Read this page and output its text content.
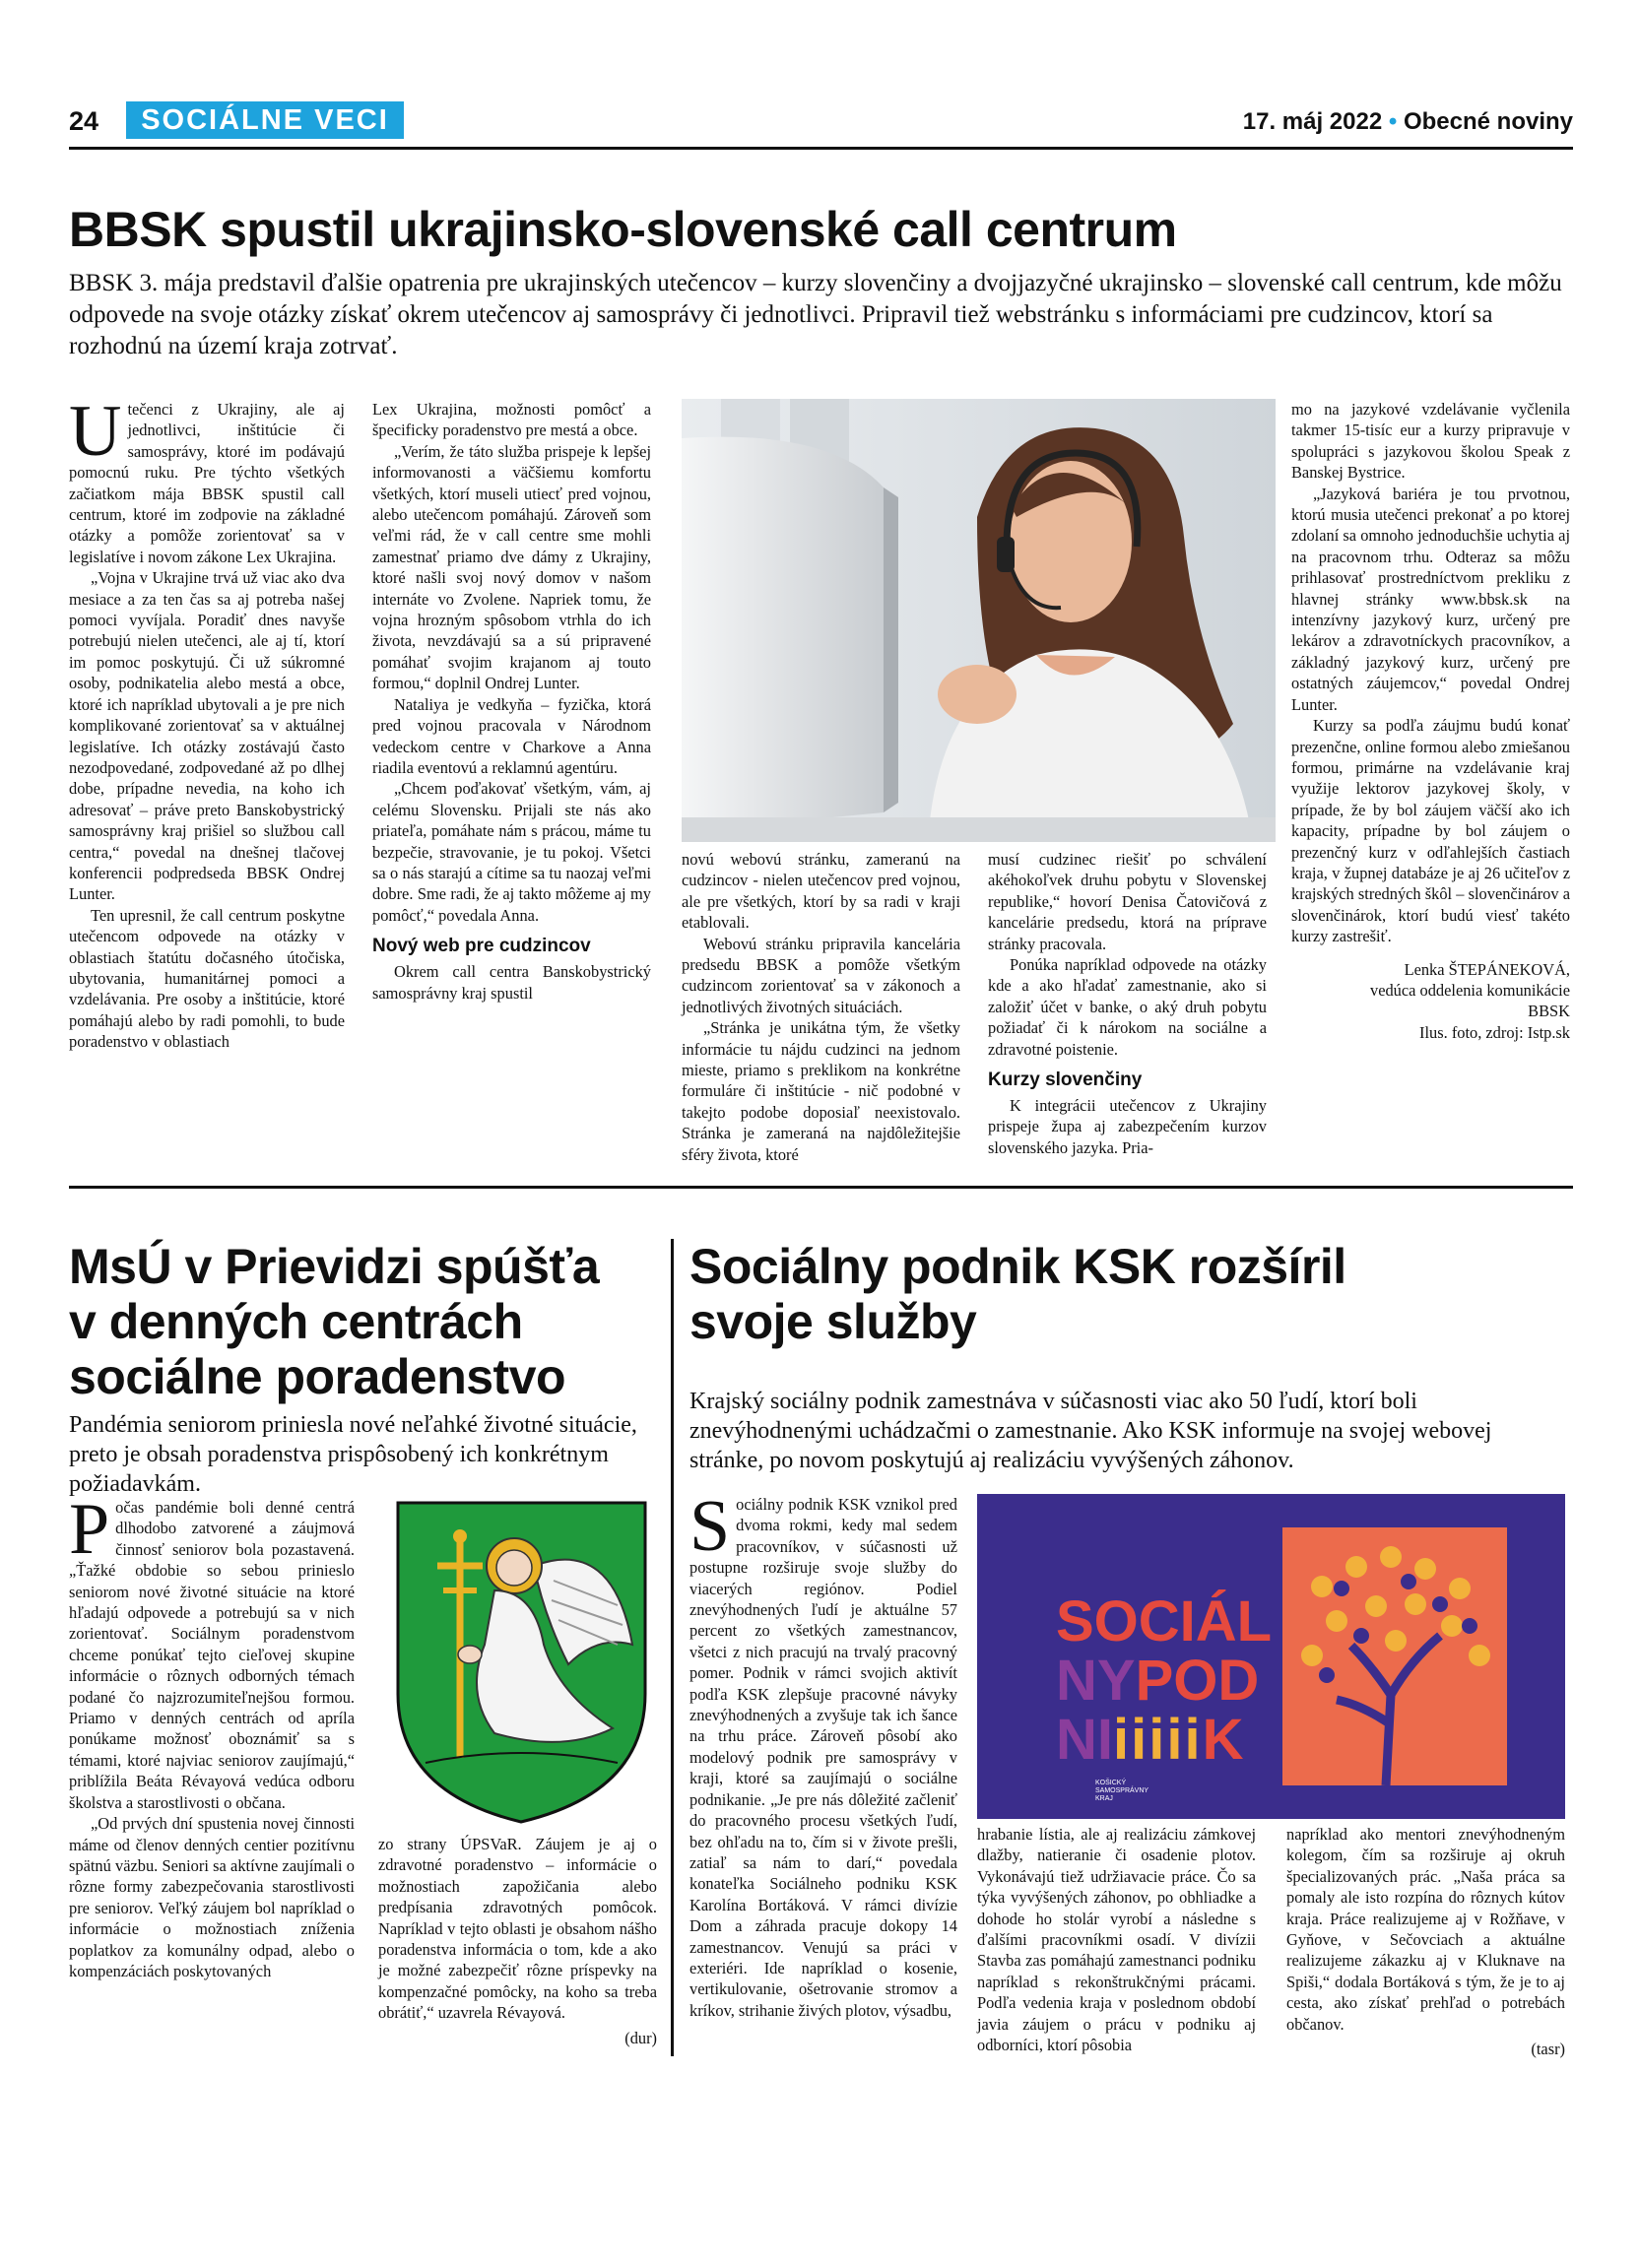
24	SOCIÁLNE VECI	17. máj 2022 • Obecné noviny
BBSK spustil ukrajinsko-slovenské call centrum
BBSK 3. mája predstavil ďalšie opatrenia pre ukrajinských utečencov – kurzy slovenčiny a dvojjazyčné ukrajinsko – slovenské call centrum, kde môžu odpovede na svoje otázky získať okrem utečencov aj samosprávy či jednotlivci. Pripravil tiež webstránku s informáciami pre cudzincov, ktorí sa rozhodnú na území kraja zotrvať.

Utečenci z Ukrajiny, ale aj jednotlivci, inštitúcie či samosprávy, ktoré im podávajú pomocnú ruku. Pre týchto všetkých začiatkom mája BBSK spustil call centrum, ktoré im zodpovie na základné otázky a pomôže zorientovať sa v legislatíve i novom zákone Lex Ukrajina.

„Vojna v Ukrajine trvá už viac ako dva mesiace a za ten čas sa aj potreba našej pomoci vyvíjala. Poradiť dnes navyše potrebujú nielen utečenci, ale aj tí, ktorí im pomoc poskytujú. Či už súkromné osoby, podnikatelia alebo mestá a obce, ktoré ich napríklad ubytovali a je pre nich komplikované zorientovať sa v aktuálnej legislatíve. Ich otázky zostávajú často nezodpovedané, zodpovedané až po dlhej dobe, prípadne nevedia, na koho ich adresovať – práve preto Banskobystrický samosprávny kraj prišiel so službou call centra,“ povedal na dnešnej tlačovej konferencii podpredseda BBSK Ondrej Lunter.

Ten upresnil, že call centrum poskytne utečencom odpovede na otázky v oblastiach štatútu dočasného útočiska, ubytovania, humanitárnej pomoci a vzdelávania. Pre osoby a inštitúcie, ktoré pomáhajú alebo by radi pomohli, to bude poradenstvo v oblastiach

Lex Ukrajina, možnosti pomôcť a špecificky poradenstvo pre mestá a obce.

„Verím, že táto služba prispeje k lepšej informovanosti a väčšiemu komfortu všetkých, ktorí museli utiecť pred vojnou, alebo utečencom pomáhajú. Zároveň som veľmi rád, že v call centre sme mohli zamestnať priamo dve dámy z Ukrajiny, ktoré našli svoj nový domov v našom internáte vo Zvolene. Napriek tomu, že vojna hrozným spôsobom vtrhla do ich života, nevzdávajú sa a sú pripravené pomáhať svojim krajanom aj touto formou,“ doplnil Ondrej Lunter.

Nataliya je vedkyňa – fyzička, ktorá pred vojnou pracovala v Národnom vedeckom centre v Charkove a Anna riadila eventovú a reklamnú agentúru.

„Chcem poďakovať všetkým, vám, aj celému Slovensku. Prijali ste nás ako priateľa, pomáhate nám s prácou, máme tu bezpečie, stravovanie, je tu pokoj. Všetci sa o nás starajú a cítime sa tu naozaj veľmi dobre. Sme radi, že aj takto môžeme aj my pomôcť,“ povedala Anna.

Nový web pre cudzincov

Okrem call centra Banskobystrický samosprávny kraj spustil

novú webovú stránku, zameranú na cudzincov - nielen utečencov pred vojnou, ale pre všetkých, ktorí by sa radi v kraji etablovali.

Webovú stránku pripravila kancelária predsedu BBSK a pomôže všetkým cudzincom zorientovať sa v zákonoch a jednotlivých životných situáciách.

„Stránka je unikátna tým, že všetky informácie tu nájdu cudzinci na jednom mieste, priamo s preklikom na konkrétne formuláre či inštitúcie - nič podobné v takejto podobe doposiaľ neexistovalo. Stránka je zameraná na najdôležitejšie sféry života, ktoré

musí cudzinec riešiť po schválení akéhokoľvek druhu pobytu v Slovenskej republike,“ hovorí Denisa Čatovičová z kancelárie predsedu, ktorá na príprave stránky pracovala.

Ponúka napríklad odpovede na otázky kde a ako hľadať zamestnanie, ako si založiť účet v banke, o aký druh pobytu požiadať či k nárokom na sociálne a zdravotné poistenie.

Kurzy slovenčiny

K integrácii utečencov z Ukrajiny prispeje župa aj zabezpečením kurzov slovenského jazyka. Pria-

mo na jazykové vzdelávanie vyčlenila takmer 15-tisíc eur a kurzy pripravuje v spolupráci s jazykovou školou Speak z Banskej Bystrice.

„Jazyková bariéra je tou prvotnou, ktorú musia utečenci prekonať a po ktorej zdolaní sa omnoho jednoduchšie uchytia aj na pracovnom trhu. Odteraz sa môžu prihlasovať prostredníctvom prekliku z hlavnej stránky www.bbsk.sk na intenzívny jazykový kurz, určený pre lekárov a zdravotníckych pracovníkov, a základný jazykový kurz, určený pre ostatných záujemcov,“ povedal Ondrej Lunter.

Kurzy sa podľa záujmu budú konať prezenčne, online formou alebo zmiešanou formou, primárne na vzdelávanie kraj využije lektorov jazykovej školy, v prípade, že by bol záujem väčší ako ich kapacity, prípadne by bol záujem o prezenčný kurz v odľahlejších častiach kraja, v župnej databáze je aj 26 učiteľov z krajských stredných škôl – slovenčinárov a slovenčinárok, ktorí budú viesť takéto kurzy zastrešiť.

Lenka ŠTEPÁNEKOVÁ,

vedúca oddelenia komunikácie

BBSK

Ilus. foto, zdroj: Istp.sk

MsÚ v Prievidzi spúšťa
v denných centrách
sociálne poradenstvo
Pandémia seniorom priniesla nové neľahké životné situácie, preto je obsah poradenstva prispôsobený ich konkrétnym požiadavkám.

Počas pandémie boli denné centrá dlhodobo zatvorené a záujmová činnosť seniorov bola pozastavená. „Ťažké obdobie so sebou prinieslo seniorom nové životné situácie na ktoré hľadajú odpovede a potrebujú sa v nich zorientovať. Sociálnym poradenstvom chceme ponúkať tejto cieľovej skupine informácie o rôznych odborných témach podané čo najzrozumiteľnejšou formou. Priamo v denných centrách od apríla ponúkame možnosť oboznámiť sa s témami, ktoré najviac seniorov zaujímajú,“ priblížila Beáta Révayová vedúca odboru školstva a starostlivosti o občana.

„Od prvých dní spustenia novej činnosti máme od členov denných centier pozitívnu spätnú väzbu. Seniori sa aktívne zaujímali o rôzne formy zabezpečovania starostlivosti pre seniorov. Veľký záujem bol napríklad o informácie o možnostiach zníženia poplatkov za komunálny odpad, alebo o kompenzáciách poskytovaných

zo strany ÚPSVaR. Záujem je aj o zdravotné poradenstvo – informácie o možnostiach zapožičania alebo predpísania zdravotných pomôcok. Napríklad v tejto oblasti je obsahom nášho poradenstva informácia o tom, kde a ako je možné zabezpečiť rôzne príspevky na kompenzačné pomôcky, na koho sa treba obrátiť,“ uzavrela Révayová.

(dur)

Sociálny podnik KSK rozšíril
svoje služby
Krajský sociálny podnik zamestnáva v súčasnosti viac ako 50 ľudí, ktorí boli znevýhodnenými uchádzačmi o zamestnanie. Ako KSK informuje na svojej webovej stránke, po novom poskytujú aj realizáciu vyvýšených záhonov.

Sociálny podnik KSK vznikol pred dvoma rokmi, kedy mal sedem pracovníkov, v súčasnosti už postupne rozširuje svoje služby do viacerých regiónov. Podiel znevýhodnených ľudí je aktuálne 57 percent zo všetkých zamestnancov, všetci z nich pracujú na trvalý pracovný pomer. Podnik v rámci svojich aktivít podľa KSK zlepšuje pracovné návyky znevýhodnených a zvyšuje tak ich šance na trhu práce. Zároveň pôsobí ako modelový podnik pre samosprávy v kraji, ktoré sa zaujímajú o sociálne podnikanie. „Je pre nás dôležité začleniť do pracovného procesu všetkých ľudí, bez ohľadu na to, čím si v živote prešli, zatiaľ sa nám to darí,“ povedala konateľka Sociálneho podniku KSK Karolína Bortáková. V rámci divízie Dom a záhrada pracuje dokopy 14 zamestnancov. Venujú sa práci v exteriéri. Ide napríklad o kosenie, vertikulovanie, ošetrovanie stromov a kríkov, strihanie živých plotov, výsadbu,

SOCIÁL
NYPOD
NIiiiiiK
KOŠICKÝ
SAMOSPRÁVNY
KRAJ

hrabanie lístia, ale aj realizáciu zámkovej dlažby, natieranie či osadenie plotov. Vykonávajú tiež udržiavacie práce. Čo sa týka vyvýšených záhonov, po obhliadke a dohode ho stolár vyrobí a následne s ďalšími pracovníkmi osadí. V divízii Stavba zas pomáhajú zamestnanci podniku napríklad s rekonštrukčnými prácami. Podľa vedenia kraja v poslednom období javia záujem o prácu v podniku aj odborníci, ktorí pôsobia

napríklad ako mentori znevýhodneným kolegom, čím sa rozširuje aj okruh špecializovaných prác. „Naša práca sa pomaly ale isto rozpína do rôznych kútov kraja. Práce realizujeme aj v Rožňave, v Gyňove, v Sečovciach a aktuálne realizujeme zákazku aj v Kluknave na Spiši,“ dodala Bortáková s tým, že je to aj cesta, ako získať prehľad o potrebách občanov.

(tasr)
